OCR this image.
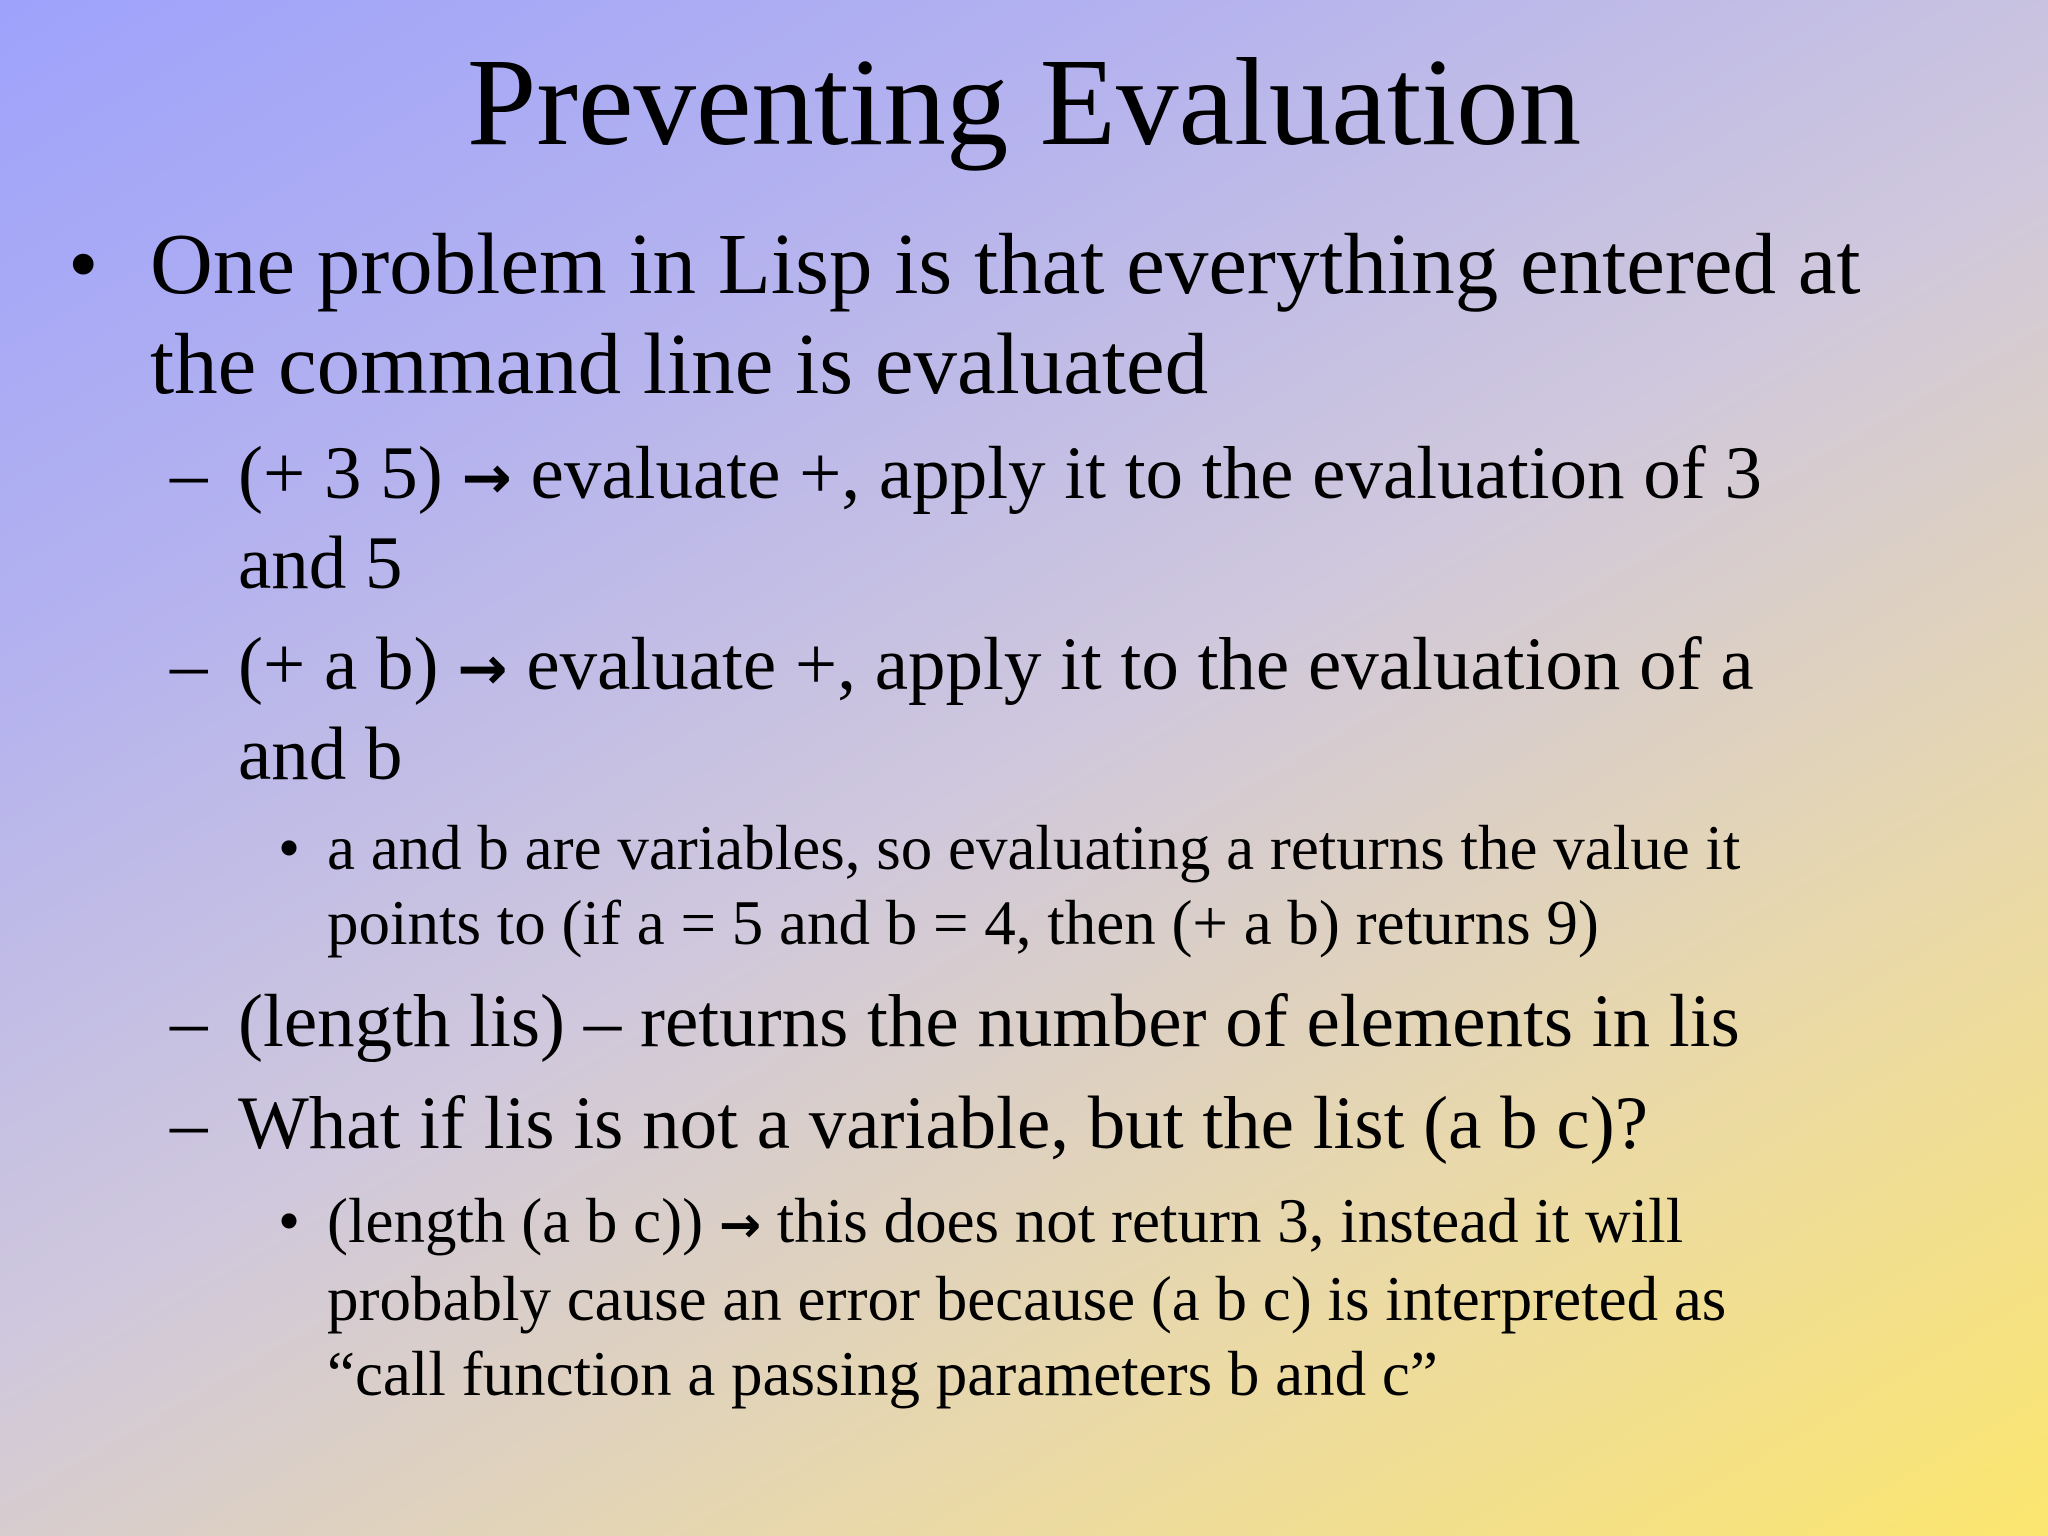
Preventing Evaluation
• One problem in Lisp is that everything entered at
the command line is evaluated
– (+ 3 5) → evaluate +, apply it to the evaluation of 3
and 5
– (+ a b) → evaluate +, apply it to the evaluation of a
and b
• a and b are variables, so evaluating a returns the value it
points to (if a = 5 and b = 4, then (+ a b) returns 9)
– (length lis) – returns the number of elements in lis
– What if lis is not a variable, but the list (a b c)?
• (length (a b c)) → this does not return 3, instead it will
probably cause an error because (a b c) is interpreted as
“call function a passing parameters b and c”
